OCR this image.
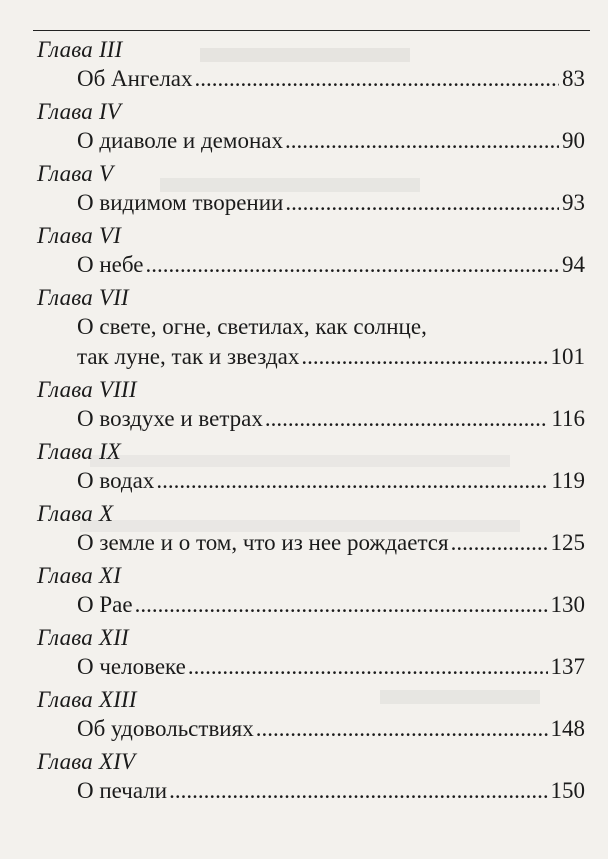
Глава III
Об Ангелах .....	83
Глава IV
О диаволе и демонах .....	90
Глава V
О видимом творении .....	93
Глава VI
О небе .....	94
Глава VII
О свете, огне, светилах, как солнце,
так луне, так и звездах .....	101
Глава VIII
О воздухе и ветрах .....	116
Глава IX
О водах .....	119
Глава X
О земле и о том, что из нее рождается .....	125
Глава XI
О Рае .....	130
Глава XII
О человеке .....	137
Глава XIII
Об удовольствиях .....	148
Глава XIV
О печали .....	150
